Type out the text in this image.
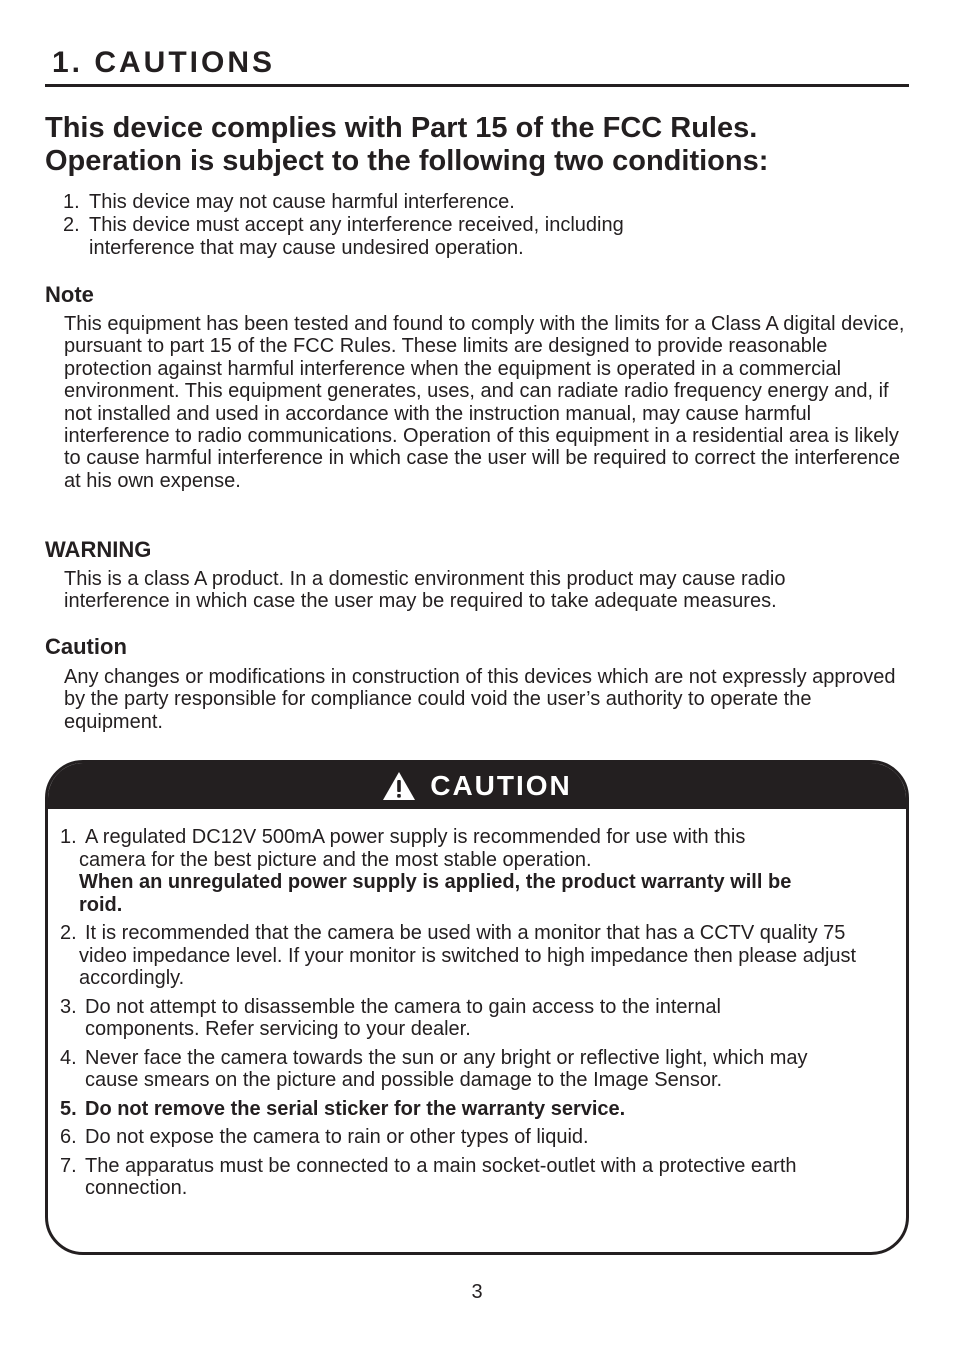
1. CAUTIONS
This device complies with Part 15 of the FCC Rules.
Operation is subject to the following two conditions:
1. This device may not cause harmful interference.
2. This device must accept any interference received, including interference that may cause undesired operation.
Note
This equipment has been tested and found to comply with the limits for a Class A digital device, pursuant to part 15 of the FCC Rules. These limits are designed to provide reasonable protection against harmful interference when the equipment is operated in a commercial environment. This equipment generates, uses, and can radiate radio frequency energy and, if not installed and used in accordance with the instruction manual, may cause harmful interference to radio communications. Operation of this equipment in a residential area is likely to cause harmful interference in which case the user will be required to correct the interference at his own expense.
WARNING
This is a class A product. In a domestic environment this product may cause radio interference in which case the user may be required to take adequate measures.
Caution
Any changes or modifications in construction of this devices which are not expressly approved by the party responsible for compliance could void the user’s authority to operate the equipment.
CAUTION
1. A regulated DC12V 500mA power supply is recommended for use with this camera for the best picture and the most stable operation.
When an unregulated power supply is applied, the product warranty will be roid.
2. It is recommended that the camera be used with a monitor that has a CCTV quality 75 video impedance level. If your monitor is switched to high impedance then please adjust accordingly.
3. Do not attempt to disassemble the camera to gain access to the internal components. Refer servicing to your dealer.
4. Never face the camera towards the sun or any bright or reflective light, which may cause smears on the picture and possible damage to the Image Sensor.
5. Do not remove the serial sticker for the warranty service.
6. Do not expose the camera to rain or other types of liquid.
7. The apparatus must be connected to a main socket-outlet with a protective earth connection.
3
